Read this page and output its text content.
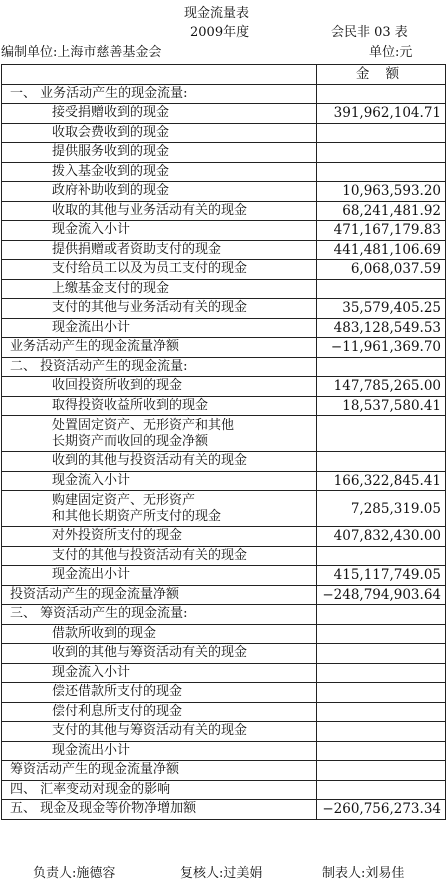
现金流量表
2009年度	会民非 03 表
编制单位:上海市慈善基金会	单位:元
	金 额
一、 业务活动产生的现金流量:	
接受捐赠收到的现金	391,962,104.71
收取会费收到的现金	
提供服务收到的现金	
拨入基金收到的现金	
政府补助收到的现金	10,963,593.20
收取的其他与业务活动有关的现金	68,241,481.92
现金流入小计	471,167,179.83
提供捐赠或者资助支付的现金	441,481,106.69
支付给员工以及为员工支付的现金	6,068,037.59
上缴基金支付的现金	
支付的其他与业务活动有关的现金	35,579,405.25
现金流出小计	483,128,549.53
业务活动产生的现金流量净额	−11,961,369.70
二、 投资活动产生的现金流量:	
收回投资所收到的现金	147,785,265.00
取得投资收益所收到的现金	18,537,580.41

处置固定资产、无形资产和其他
长期资产而收回的现金净额	

收到的其他与投资活动有关的现金	
现金流入小计	166,322,845.41

购建固定资产、无形资产
和其他长期资产所支付的现金	7,285,319.05
对外投资所支付的现金	407,832,430.00
支付的其他与投资活动有关的现金	
现金流出小计	415,117,749.05
投资活动产生的现金流量净额	−248,794,903.64
三、 筹资活动产生的现金流量:	
借款所收到的现金	
收到的其他与筹资活动有关的现金	
现金流入小计	
偿还借款所支付的现金	
偿付利息所支付的现金	
支付的其他与筹资活动有关的现金	
现金流出小计	
筹资活动产生的现金流量净额	
四、 汇率变动对现金的影响	
五、 现金及现金等价物净增加额	−260,756,273.34
负责人:施德容	复核人:过美娟	制表人:刘易佳
